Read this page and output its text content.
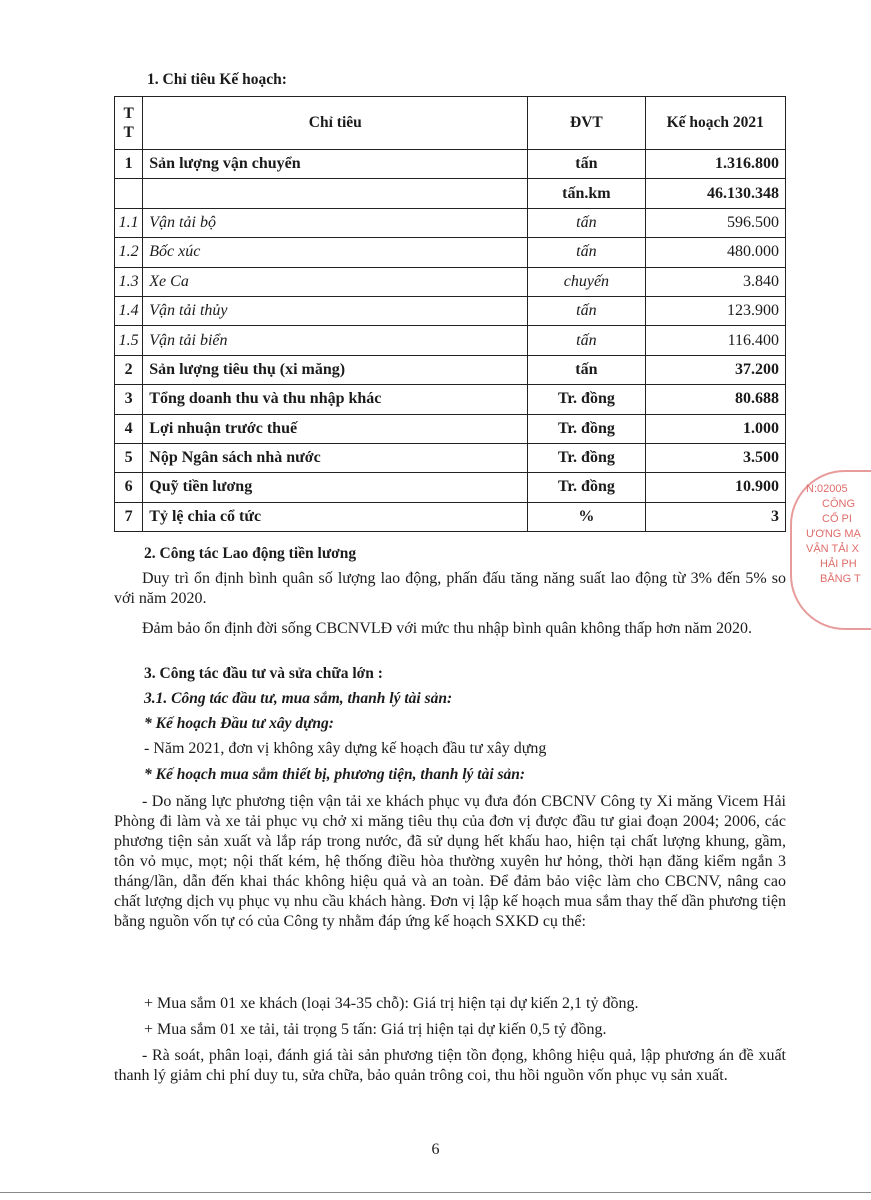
1. Chỉ tiêu Kế hoạch:
T T	Chỉ tiêu	ĐVT	Kế hoạch 2021
1	Sản lượng vận chuyển	tấn	1.316.800
		tấn.km	46.130.348
1.1	Vận tải bộ	tấn	596.500
1.2	Bốc xúc	tấn	480.000
1.3	Xe Ca	chuyến	3.840
1.4	Vận tải thủy	tấn	123.900
1.5	Vận tải biển	tấn	116.400
2	Sản lượng tiêu thụ (xi măng)	tấn	37.200
3	Tổng doanh thu và thu nhập khác	Tr. đồng	80.688
4	Lợi nhuận trước thuế	Tr. đồng	1.000
5	Nộp Ngân sách nhà nước	Tr. đồng	3.500
6	Quỹ tiền lương	Tr. đồng	10.900
7	Tỷ lệ chia cổ tức	%	3
2. Công tác Lao động tiền lương

Duy trì ổn định bình quân số lượng lao động, phấn đấu tăng năng suất lao động từ 3% đến 5% so với năm 2020.

Đảm bảo ổn định đời sống CBCNVLĐ với mức thu nhập bình quân không thấp hơn năm 2020.

3. Công tác đầu tư và sửa chữa lớn :
3.1. Công tác đầu tư, mua sắm, thanh lý tài sản:
* Kế hoạch Đầu tư xây dựng:
- Năm 2021, đơn vị không xây dựng kế hoạch đầu tư xây dựng
* Kế hoạch mua sắm thiết bị, phương tiện, thanh lý tài sản:

- Do năng lực phương tiện vận tải xe khách phục vụ đưa đón CBCNV Công ty Xi măng Vicem Hải Phòng đi làm và xe tải phục vụ chở xi măng tiêu thụ của đơn vị được đầu tư giai đoạn 2004; 2006, các phương tiện sản xuất và lắp ráp trong nước, đã sử dụng hết khấu hao, hiện tại chất lượng khung, gầm, tôn vỏ mục, mọt; nội thất kém, hệ thống điều hòa thường xuyên hư hỏng, thời hạn đăng kiểm ngắn 3 tháng/lần, dẫn đến khai thác không hiệu quả và an toàn. Để đảm bảo việc làm cho CBCNV, nâng cao chất lượng dịch vụ phục vụ nhu cầu khách hàng. Đơn vị lập kế hoạch mua sắm thay thế dần phương tiện bằng nguồn vốn tự có của Công ty nhằm đáp ứng kế hoạch SXKD cụ thể:

+ Mua sắm 01 xe khách (loại 34-35 chỗ): Giá trị hiện tại dự kiến 2,1 tỷ đồng.
+ Mua sắm 01 xe tải, tải trọng 5 tấn: Giá trị hiện tại dự kiến 0,5 tỷ đồng.

- Rà soát, phân loại, đánh giá tài sản phương tiện tồn đọng, không hiệu quả, lập phương án đề xuất thanh lý giảm chi phí duy tu, sửa chữa, bảo quản trông coi, thu hồi nguồn vốn phục vụ sản xuất.

6
N:02005
CÔNG
CỔ PI
ƯƠNG MẠ
VẬN TẢI X
HẢI PH
BẰNG T
